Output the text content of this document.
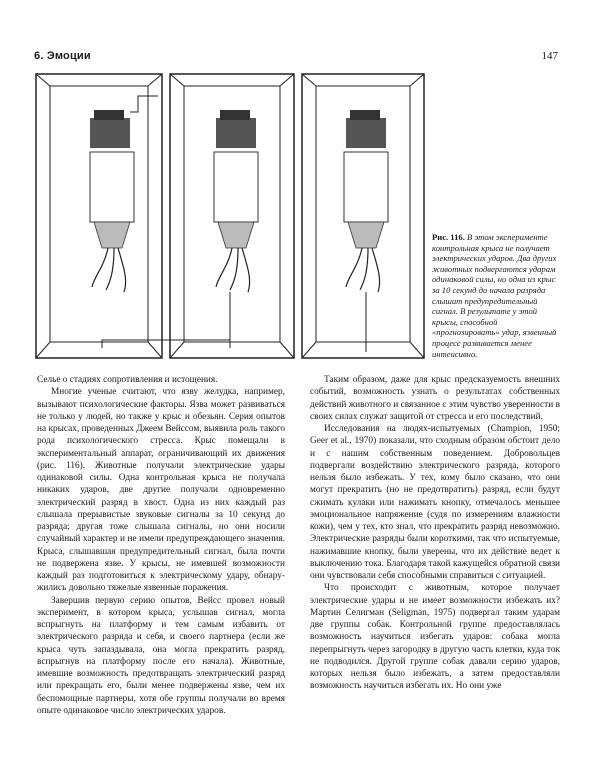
6. Эмоции	147
Рис. 116. В этом эксперименте контрольная крыса не получает электрических ударов. Два других животных подвергаются ударам одинаковой силы, но одна из крыс за 10 секунд до начала разряда слышит предупредительный сигнал. В результате у этой крысы, способной «прогнозировать» удар, язвенный процесс развивается менее интенсивно.

Селье о стадиях сопротивления и истощения.

Многие ученые считают, что язву желудка, например, вызывают психологические факторы. Язва может развиваться не только у людей, но также у крыс и обезьян. Серия опытов на крысах, проведенных Джеем Вейссом, выявила роль такого рода психологического стресса. Крыс помещали в экспериментальный аппарат, ограничивающий их движения (рис. 116). Животные получали электрические удары одинаковой силы. Одна контрольная крыса не получала никаких ударов, две другие получали одновременно электрический разряд в хвост. Одна из них каждый раз слышала прерывистые звуковые сигналы за 10 секунд до разряда; другая тоже слышала сигналы, но они носили случайный характер и не имели предупреждающего значения. Крыса, слышавшая предупредительный сигнал, была почти не подвержена язве. У крысы, не имевшей возможности каждый раз подготовиться к электрическому удару, обнаружились довольно тяжелые язвенные поражения.

Завершив первую серию опытов, Вейсс провел новый эксперимент, в котором крыса, услышав сигнал, могла вспрыгнуть на платформу и тем самым избавить от электрического разряда и себя, и своего партнера (если же крыса чуть запаздывала, она могла прекратить разряд, вспрыгнув на платформу после его начала). Животные, имевшие возможность предотвращать электрический разряд или прекращать его, были менее подвержены язве, чем их беспомощные партнеры, хотя обе группы получали во время опыте одинаковое число электрических ударов.

Таким образом, даже для крыс предсказуемость внешних событий, возможность узнать о результатах собственных действий животного и связанное с этим чувство уверенности в своих силах служат защитой от стресса и его последствий.

Исследования на людях-испытуемых (Champion, 1950; Geer et al., 1970) показали, что сходным образом обстоит дело и с нашим собственным поведением. Добровольцев подвергали воздействию электрического разряда, которого нельзя было избежать. У тех, кому было сказано, что они могут прекратить (но не предотвратить) разряд, если будут сжимать кулаки или нажимать кнопку, отмечалось меньшее эмоциональное напряжение (судя по измерениям влажности кожи), чем у тех, кто знал, что прекратить разряд невозможно. Электрические разряды были короткими, так что испытуемые, нажимавшие кнопку, были уверены, что их действие ведет к выключению тока. Благодаря такой кажущейся обратной связи они чувствовали себя способными справиться с ситуацией.

Что происходит с животным, которое получает электрические удары и не имеет возможности избежать их? Мартин Селигман (Seligman, 1975) подвергал таким ударам две группы собак. Контрольной группе предоставлялась возможность научиться избегать ударов: собака могла перепрыгнуть через загородку в другую часть клетки, куда ток не подводился. Другой группе собак давали серию ударов, которых нельзя было избежать, а затем предоставляли возможность научиться избегать их. Но они уже
